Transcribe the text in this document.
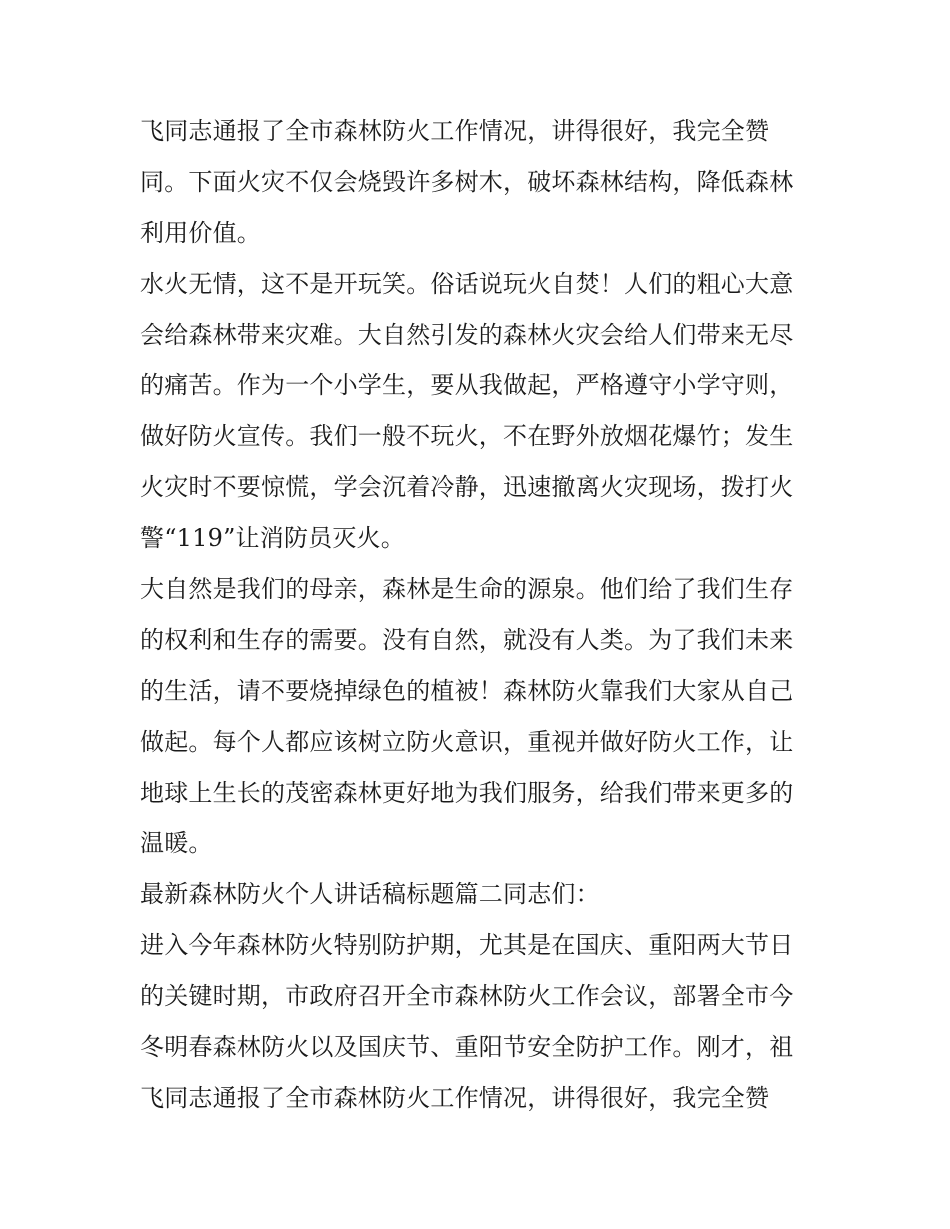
飞同志通报了全市森林防火工作情况，讲得很好，我完全赞
同。下面火灾不仅会烧毁许多树木，破坏森林结构，降低森林
利用价值。
水火无情，这不是开玩笑。俗话说玩火自焚！人们的粗心大意
会给森林带来灾难。大自然引发的森林火灾会给人们带来无尽
的痛苦。作为一个小学生，要从我做起，严格遵守小学守则，
做好防火宣传。我们一般不玩火，不在野外放烟花爆竹；发生
火灾时不要惊慌，学会沉着冷静，迅速撤离火灾现场，拨打火
警“119”让消防员灭火。
大自然是我们的母亲，森林是生命的源泉。他们给了我们生存
的权利和生存的需要。没有自然，就没有人类。为了我们未来
的生活，请不要烧掉绿色的植被！森林防火靠我们大家从自己
做起。每个人都应该树立防火意识，重视并做好防火工作，让
地球上生长的茂密森林更好地为我们服务，给我们带来更多的
温暖。
最新森林防火个人讲话稿标题篇二同志们：
进入今年森林防火特别防护期，尤其是在国庆、重阳两大节日
的关键时期，市政府召开全市森林防火工作会议，部署全市今
冬明春森林防火以及国庆节、重阳节安全防护工作。刚才，祖
飞同志通报了全市森林防火工作情况，讲得很好，我完全赞
